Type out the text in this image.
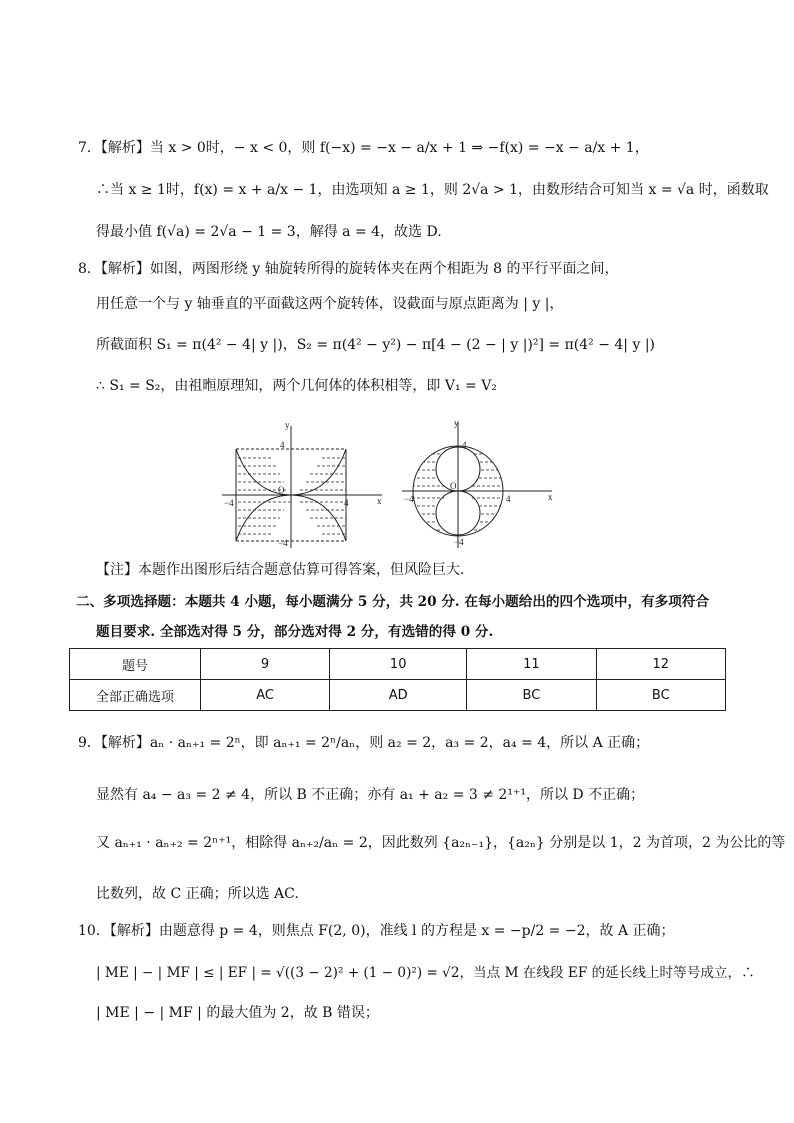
7．【解析】当 x > 0时，− x < 0，则 f(−x) = −x − a/x + 1 ⇒ −f(x) = −x − a/x + 1，
∴当 x ≥ 1时，f(x) = x + a/x − 1，由选项知 a ≥ 1，则 2√a > 1，由数形结合可知当 x = √a 时，函数取
得最小值 f(√a) = 2√a − 1 = 3，解得 a = 4，故选 D.
8．【解析】如图，两图形绕 y 轴旋转所得的旋转体夹在两个相距为 8 的平行平面之间，
用任意一个与 y 轴垂直的平面截这两个旋转体，设截面与原点距离为 | y |，
所截面积 S₁ = π(4² − 4| y |)，S₂ = π(4² − y²) − π[4 − (2 − | y |)²] = π(4² − 4| y |)
∴ S₁ = S₂，由祖暅原理知，两个几何体的体积相等，即 V₁ = V₂
y
x
O
4
−4
−4	4
y
x
O
4
−4
−4	4
【注】本题作出图形后结合题意估算可得答案，但风险巨大.
二、多项选择题：本题共 4 小题，每小题满分 5 分，共 20 分. 在每小题给出的四个选项中，有多项符合
题目要求. 全部选对得 5 分，部分选对得 2 分，有选错的得 0 分.
题号	9	10	11	12
全部正确选项	AC	AD	BC	BC
9．【解析】aₙ · aₙ₊₁ = 2ⁿ，即 aₙ₊₁ = 2ⁿ/aₙ，则 a₂ = 2，a₃ = 2，a₄ = 4，所以 A 正确；
显然有 a₄ − a₃ = 2 ≠ 4，所以 B 不正确；亦有 a₁ + a₂ = 3 ≠ 2¹⁺¹，所以 D 不正确；
又 aₙ₊₁ · aₙ₊₂ = 2ⁿ⁺¹，相除得 aₙ₊₂/aₙ = 2，因此数列 {a₂ₙ₋₁}，{a₂ₙ} 分别是以 1，2 为首项，2 为公比的等
比数列，故 C 正确；所以选 AC.
10．【解析】由题意得 p = 4，则焦点 F(2, 0)，准线 l 的方程是 x = −p/2 = −2，故 A 正确；
| ME | − | MF | ≤ | EF | = √((3 − 2)² + (1 − 0)²) = √2，当点 M 在线段 EF 的延长线上时等号成立，∴
| ME | − | MF | 的最大值为 2，故 B 错误；
